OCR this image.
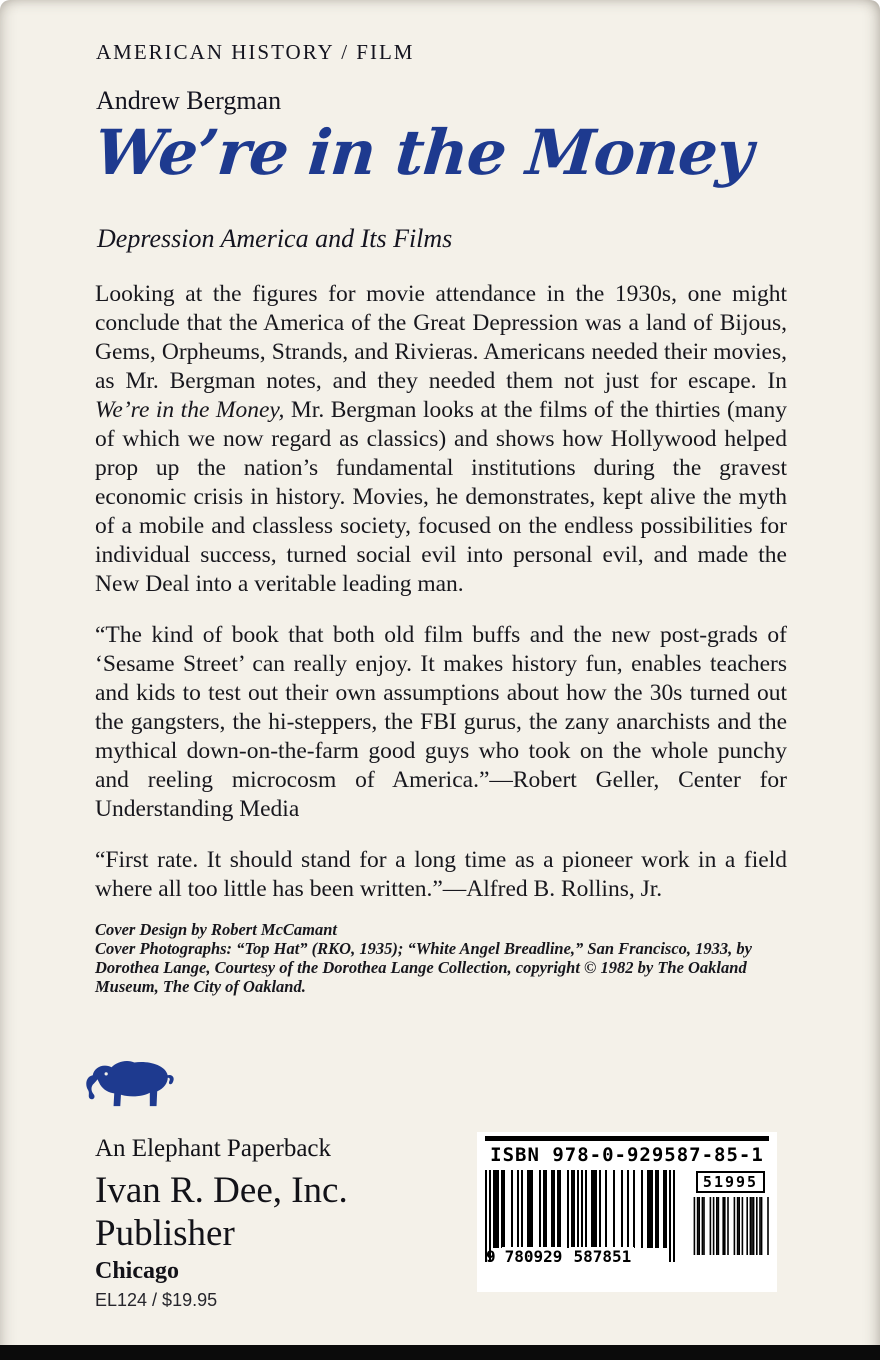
AMERICAN HISTORY / FILM
Andrew Bergman
We’re in the Money
Depression America and Its Films

Looking at the figures for movie attendance in the 1930s, one might conclude that the America of the Great Depression was a land of Bijous, Gems, Orpheums, Strands, and Rivieras. Americans needed their movies, as Mr. Bergman notes, and they needed them not just for escape. In We’re in the Money, Mr. Bergman looks at the films of the thirties (many of which we now regard as classics) and shows how Hollywood helped prop up the nation’s fundamental institutions during the gravest economic crisis in history. Movies, he demonstrates, kept alive the myth of a mobile and classless society, focused on the endless possibilities for individual success, turned social evil into personal evil, and made the New Deal into a veritable leading man.

“The kind of book that both old film buffs and the new post-grads of ‘Sesame Street’ can really enjoy. It makes history fun, enables teachers and kids to test out their own assumptions about how the 30s turned out the gangsters, the hi-steppers, the FBI gurus, the zany anarchists and the mythical down-on-the-farm good guys who took on the whole punchy and reeling microcosm of America.”—Robert Geller, Center for Understanding Media

“First rate. It should stand for a long time as a pioneer work in a field where all too little has been written.”—Alfred B. Rollins, Jr.

Cover Design by Robert McCamant
Cover Photographs: “Top Hat” (RKO, 1935); “White Angel Breadline,” San Francisco, 1933, by Dorothea Lange, Courtesy of the Dorothea Lange Collection, copyright © 1982 by The Oakland Museum, The City of Oakland.
An Elephant Paperback
Ivan R. Dee, Inc.
Publisher
Chicago
EL124 / $19.95
ISBN 978-0-929587-85-1
9 780929 587851
51995
